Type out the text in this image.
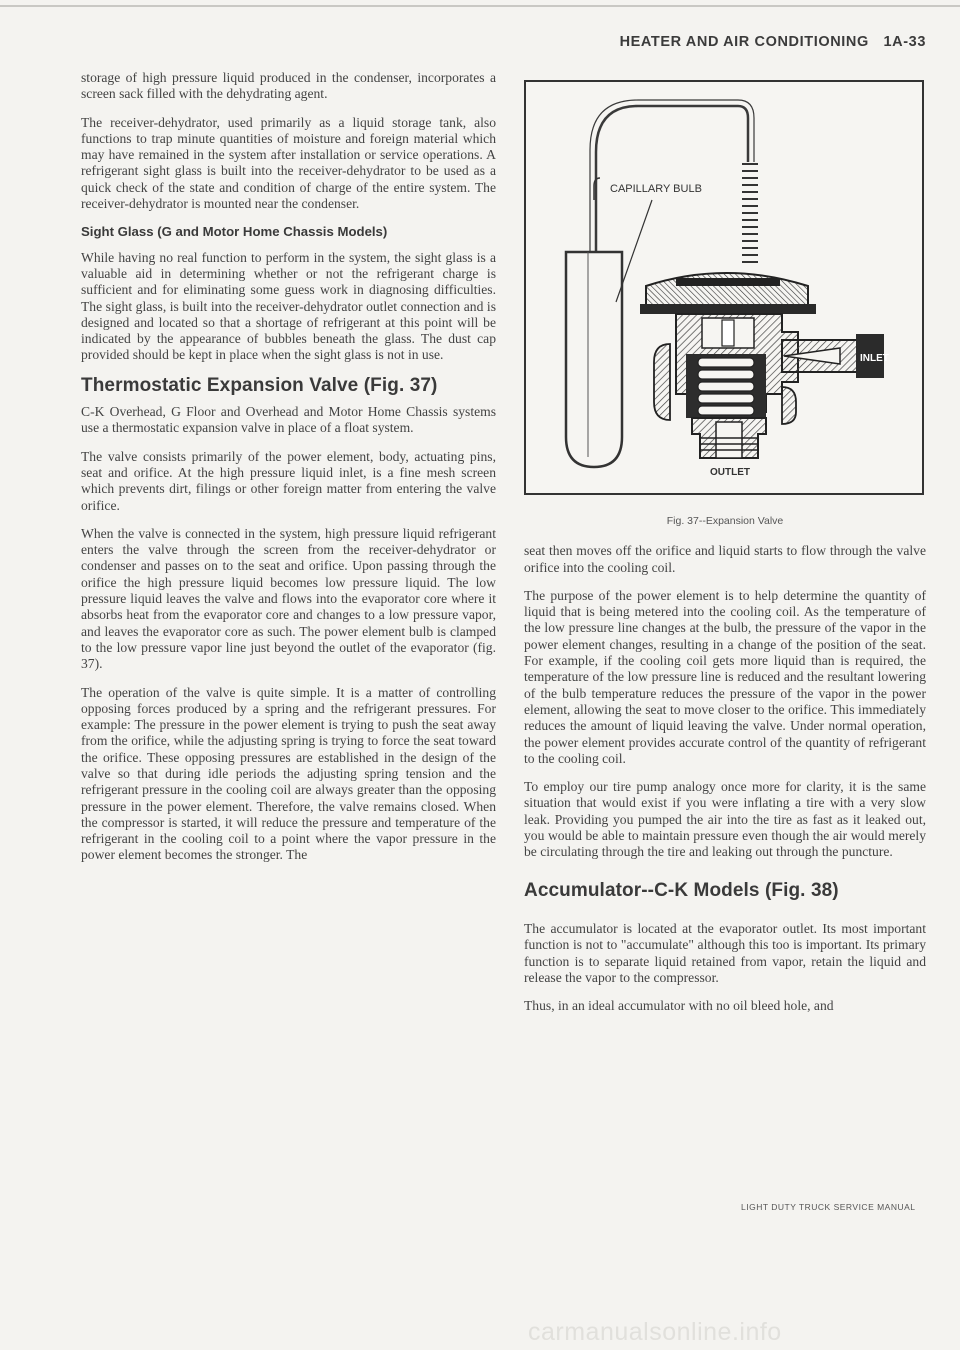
HEATER AND AIR CONDITIONING 1A-33

storage of high pressure liquid produced in the condenser, incorporates a screen sack filled with the dehydrating agent.

The receiver-dehydrator, used primarily as a liquid storage tank, also functions to trap minute quantities of moisture and foreign material which may have remained in the system after installation or service operations. A refrigerant sight glass is built into the receiver-dehydrator to be used as a quick check of the state and condition of charge of the entire system. The receiver-dehydrator is mounted near the condenser.

Sight Glass (G and Motor Home Chassis Models)

While having no real function to perform in the system, the sight glass is a valuable aid in determining whether or not the refrigerant charge is sufficient and for eliminating some guess work in diagnosing difficulties. The sight glass, is built into the receiver-dehydrator outlet connection and is designed and located so that a shortage of refrigerant at this point will be indicated by the appearance of bubbles beneath the glass. The dust cap provided should be kept in place when the sight glass is not in use.

Thermostatic Expansion Valve (Fig. 37)

C-K Overhead, G Floor and Overhead and Motor Home Chassis systems use a thermostatic expansion valve in place of a float system.

The valve consists primarily of the power element, body, actuating pins, seat and orifice. At the high pressure liquid inlet, is a fine mesh screen which prevents dirt, filings or other foreign matter from entering the valve orifice.

When the valve is connected in the system, high pressure liquid refrigerant enters the valve through the screen from the receiver-dehydrator or condenser and passes on to the seat and orifice. Upon passing through the orifice the high pressure liquid becomes low pressure liquid. The low pressure liquid leaves the valve and flows into the evaporator core where it absorbs heat from the evaporator core and changes to a low pressure vapor, and leaves the evaporator core as such. The power element bulb is clamped to the low pressure vapor line just beyond the outlet of the evaporator (fig. 37).

The operation of the valve is quite simple. It is a matter of controlling opposing forces produced by a spring and the refrigerant pressures. For example: The pressure in the power element is trying to push the seat away from the orifice, while the adjusting spring is trying to force the seat toward the orifice. These opposing pressures are established in the design of the valve so that during idle periods the adjusting spring tension and the refrigerant pressure in the cooling coil are always greater than the opposing pressure in the power element. Therefore, the valve remains closed. When the compressor is started, it will reduce the pressure and temperature of the refrigerant in the cooling coil to a point where the vapor pressure in the power element becomes the stronger. The

CAPILLARY BULB
INLET
OUTLET
Fig. 37--Expansion Valve

seat then moves off the orifice and liquid starts to flow through the valve orifice into the cooling coil.

The purpose of the power element is to help determine the quantity of liquid that is being metered into the cooling coil. As the temperature of the low pressure line changes at the bulb, the pressure of the vapor in the power element changes, resulting in a change of the position of the seat. For example, if the cooling coil gets more liquid than is required, the temperature of the low pressure line is reduced and the resultant lowering of the bulb temperature reduces the pressure of the vapor in the power element, allowing the seat to move closer to the orifice. This immediately reduces the amount of liquid leaving the valve. Under normal operation, the power element provides accurate control of the quantity of refrigerant to the cooling coil.

To employ our tire pump analogy once more for clarity, it is the same situation that would exist if you were inflating a tire with a very slow leak. Providing you pumped the air into the tire as fast as it leaked out, you would be able to maintain pressure even though the air would merely be circulating through the tire and leaking out through the puncture.

Accumulator--C-K Models (Fig. 38)

The accumulator is located at the evaporator outlet. Its most important function is not to "accumulate" although this too is important. Its primary function is to separate liquid retained from vapor, retain the liquid and release the vapor to the compressor.

Thus, in an ideal accumulator with no oil bleed hole, and

LIGHT DUTY TRUCK SERVICE MANUAL
carmanualsonline.info
